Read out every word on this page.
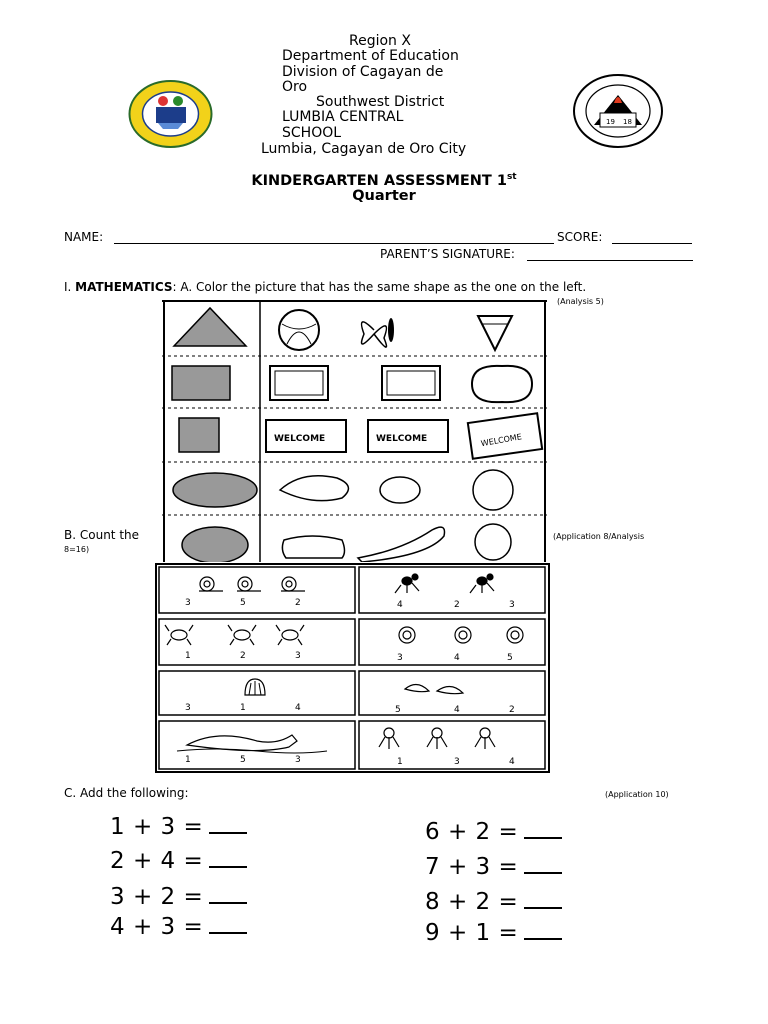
19 18
Region X
Department of Education
Division of Cagayan de
Oro
Southwest District
LUMBIA CENTRAL
SCHOOL
Lumbia, Cagayan de Oro City
KINDERGARTEN ASSESSMENT 1st
Quarter
NAME:	SCORE:
PARENT’S SIGNATURE:
I. MATHEMATICS: A. Color the picture that has the same shape as the one on the left.
(Analysis 5)
WELCOME	WELCOME	WELCOME
B. Count the	(Application 8/Analysis
8=16)
3	5	2	4	2	3
1	2	3	3	4	5
3	1	4	5	4	2
1	5	3	1	3	4
C. Add the following:	(Application 10)
1 + 3 =
2 + 4 =
3 + 2 =
4 + 3 =
6 + 2 =
7 + 3 =
8 + 2 =
9 + 1 =
